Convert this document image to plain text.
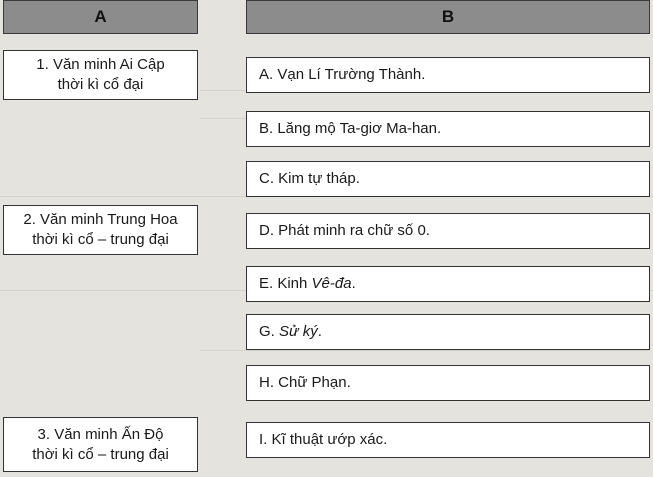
A	B
1. Văn minh Ai Cập
thời kì cổ đại
2. Văn minh Trung Hoa
thời kì cổ – trung đại
3. Văn minh Ấn Độ
thời kì cổ – trung đại
A. Vạn Lí Trường Thành.
B. Lăng mộ Ta-giơ Ma-han.
C. Kim tự tháp.
D. Phát minh ra chữ số 0.
E. Kinh Vê-đa .
G. Sử ký .
H. Chữ Phạn.
I. Kĩ thuật ướp xác.
